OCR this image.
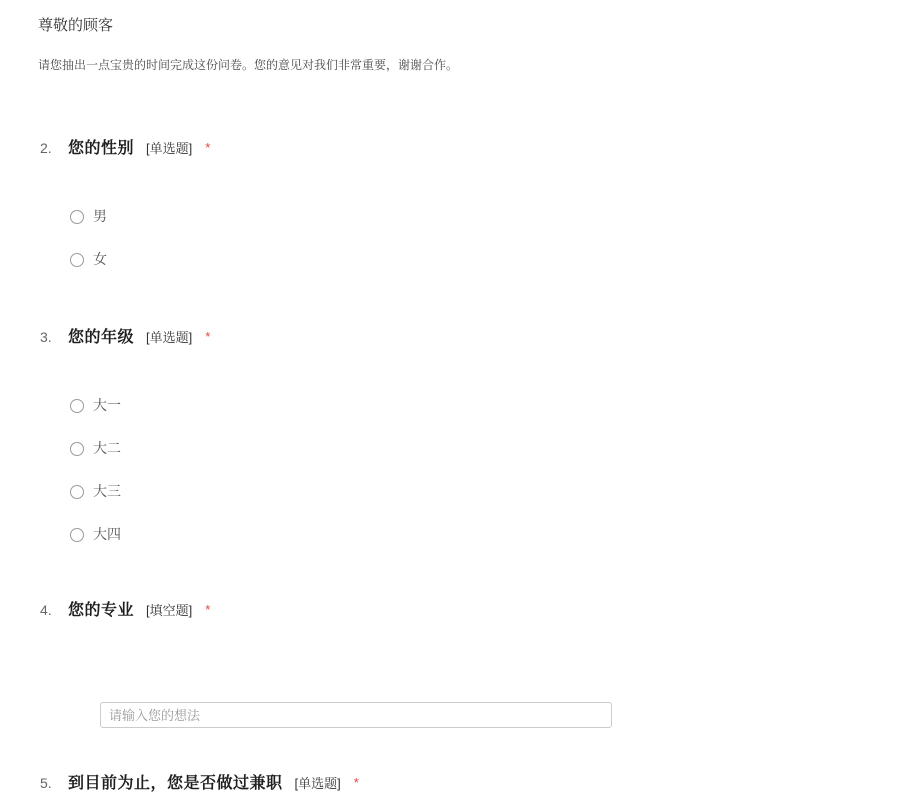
尊敬的顾客
请您抽出一点宝贵的时间完成这份问卷。您的意见对我们非常重要，谢谢合作。
2.	您的性别 [单选题] *
男
女
3.	您的年级 [单选题] *
大一
大二
大三
大四
4.	您的专业 [填空题] *
请输入您的想法
5.	到目前为止，您是否做过兼职 [单选题] *
